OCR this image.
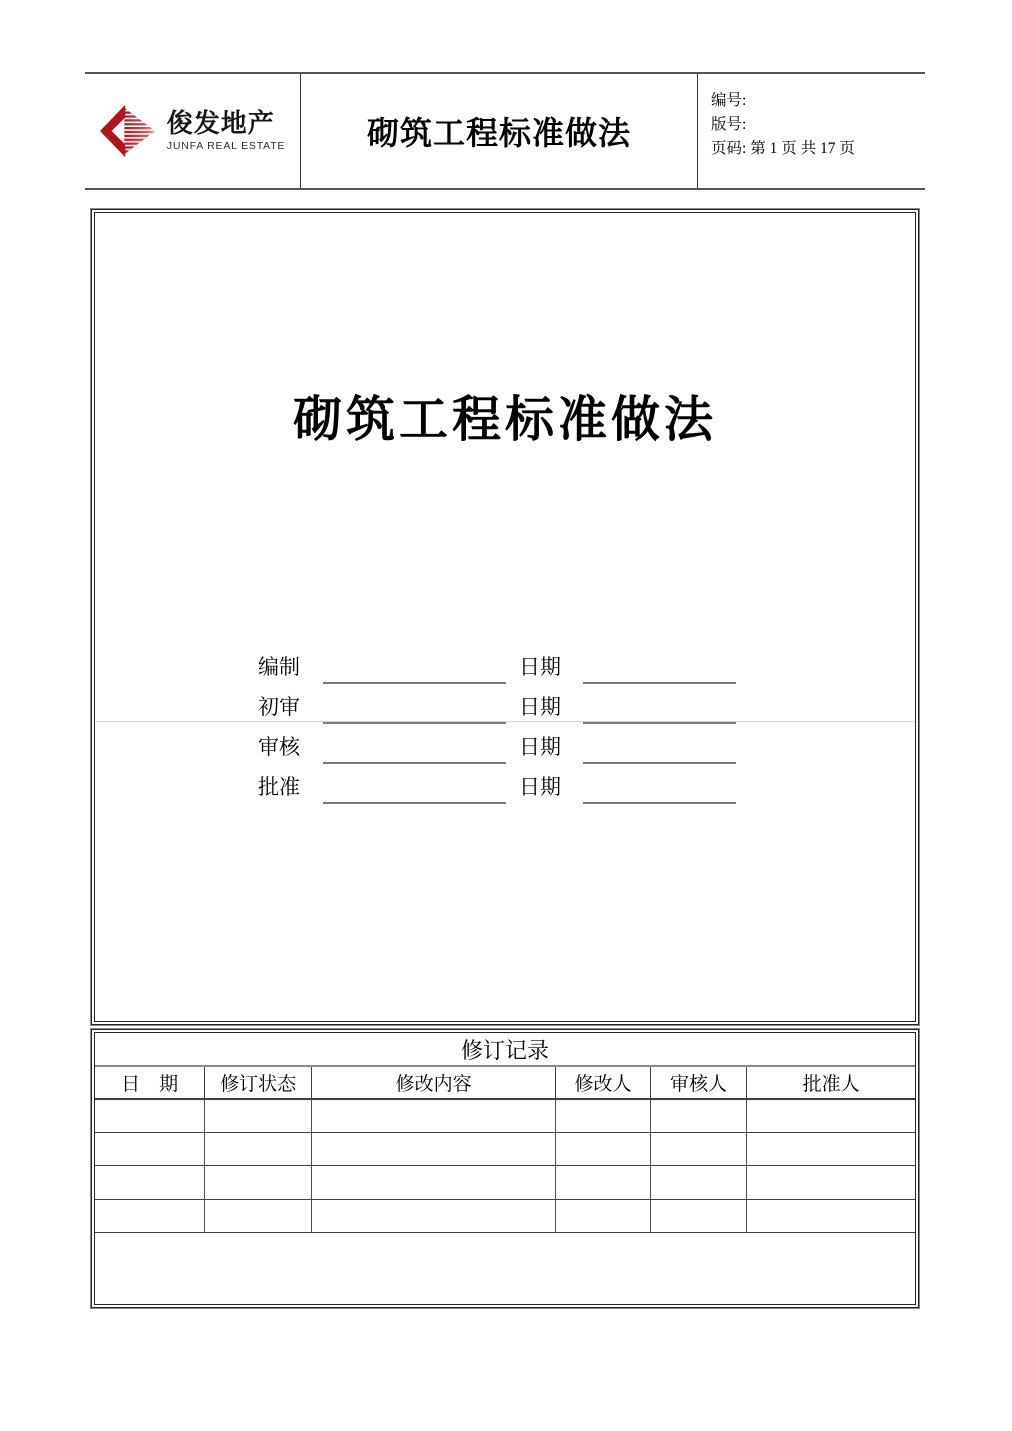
俊发地产
JUNFA REAL ESTATE	砌筑工程标准做法
编号:
版号:
页码: 第 1 页 共 17 页
砌筑工程标准做法
编制	日期
初审	日期
审核	日期
批准	日期
修订记录					
日　期	修订状态	修改内容	修改人	审核人	批准人
